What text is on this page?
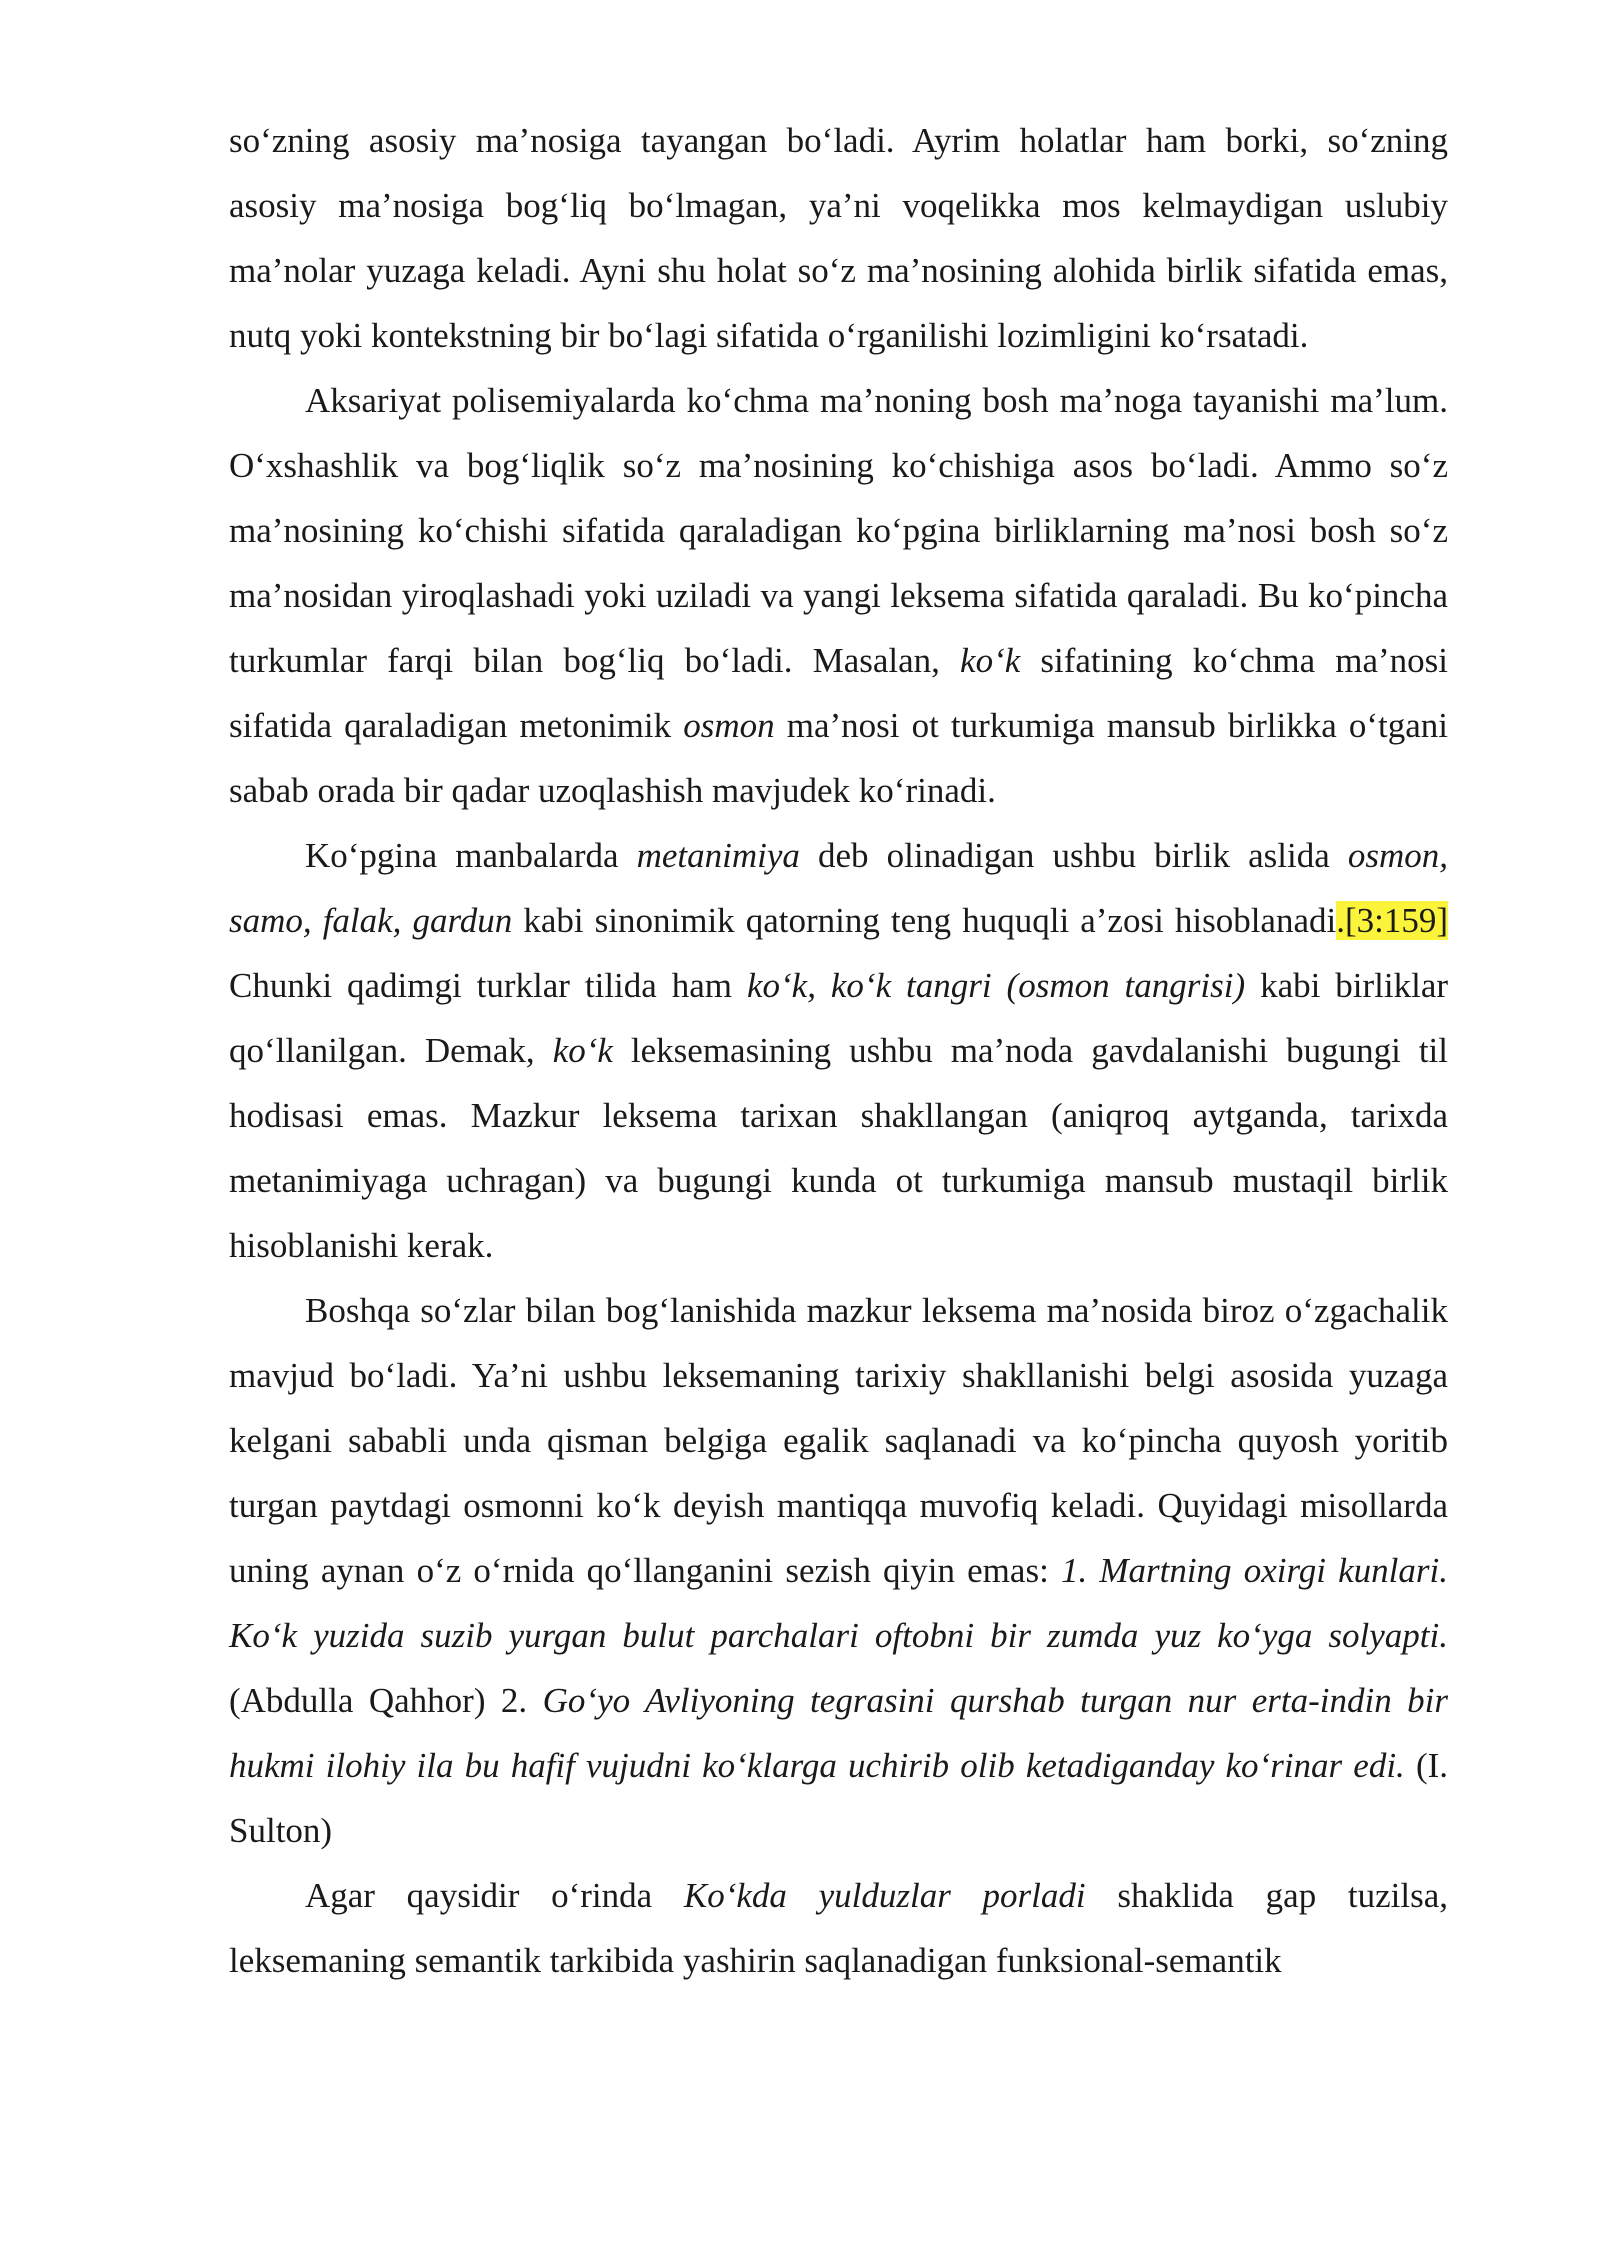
so‘zning asosiy ma’nosiga tayangan bo‘ladi. Ayrim holatlar ham borki, so‘zning asosiy ma’nosiga bog‘liq bo‘lmagan, ya’ni voqelikka mos kelmaydigan uslubiy ma’nolar yuzaga keladi. Ayni shu holat so‘z ma’nosining alohida birlik sifatida emas, nutq yoki kontekstning bir bo‘lagi sifatida o‘rganilishi lozimligini ko‘rsatadi.

Aksariyat polisemiyalarda ko‘chma ma’noning bosh ma’noga tayanishi ma’lum. O‘xshashlik va bog‘liqlik so‘z ma’nosining ko‘chishiga asos bo‘ladi. Ammo so‘z ma’nosining ko‘chishi sifatida qaraladigan ko‘pgina birliklarning ma’nosi bosh so‘z ma’nosidan yiroqlashadi yoki uziladi va yangi leksema sifatida qaraladi. Bu ko‘pincha turkumlar farqi bilan bog‘liq bo‘ladi. Masalan, ko‘k sifatining ko‘chma ma’nosi sifatida qaraladigan metonimik osmon ma’nosi ot turkumiga mansub birlikka o‘tgani sabab orada bir qadar uzoqlashish mavjudek ko‘rinadi.

Ko‘pgina manbalarda metanimiya deb olinadigan ushbu birlik aslida osmon, samo, falak, gardun kabi sinonimik qatorning teng huquqli a’zosi hisoblanadi.[3:159] Chunki qadimgi turklar tilida ham ko‘k, ko‘k tangri (osmon tangrisi) kabi birliklar qo‘llanilgan. Demak, ko‘k leksemasining ushbu ma’noda gavdalanishi bugungi til hodisasi emas. Mazkur leksema tarixan shakllangan (aniqroq aytganda, tarixda metanimiyaga uchragan) va bugungi kunda ot turkumiga mansub mustaqil birlik hisoblanishi kerak.

Boshqa so‘zlar bilan bog‘lanishida mazkur leksema ma’nosida biroz o‘zgachalik mavjud bo‘ladi. Ya’ni ushbu leksemaning tarixiy shakllanishi belgi asosida yuzaga kelgani sababli unda qisman belgiga egalik saqlanadi va ko‘pincha quyosh yoritib turgan paytdagi osmonni ko‘k deyish mantiqqa muvofiq keladi. Quyidagi misollarda uning aynan o‘z o‘rnida qo‘llanganini sezish qiyin emas: 1. Martning oxirgi kunlari. Ko‘k yuzida suzib yurgan bulut parchalari oftobni bir zumda yuz ko‘yga solyapti. (Abdulla Qahhor) 2. Go‘yo Avliyoning tegrasini qurshab turgan nur erta-indin bir hukmi ilohiy ila bu hafif vujudni ko‘klarga uchirib olib ketadiganday ko‘rinar edi. (I. Sulton)

Agar qaysidir o‘rinda Ko‘kda yulduzlar porladi shaklida gap tuzilsa, leksemaning semantik tarkibida yashirin saqlanadigan funksional-semantik
